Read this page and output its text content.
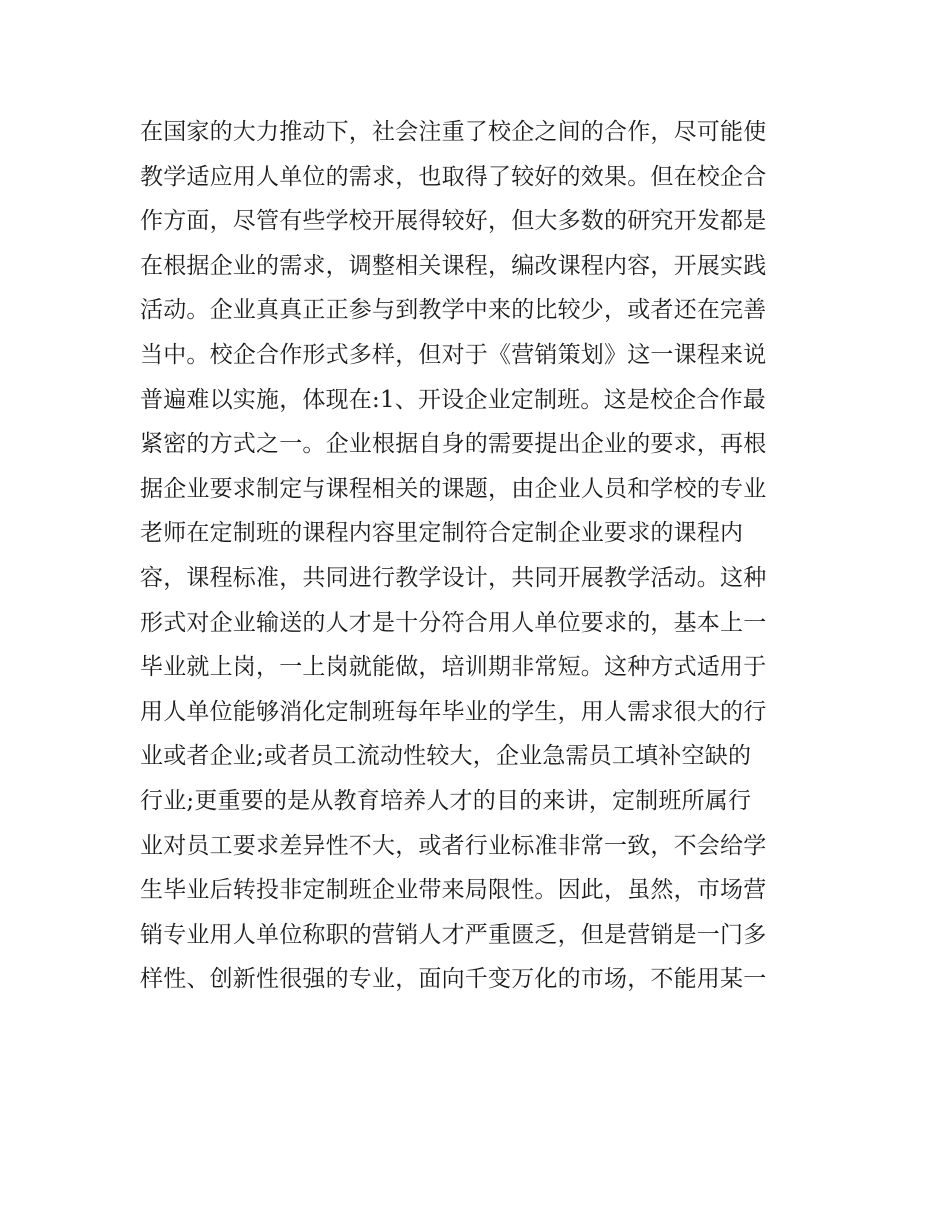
在国家的大力推动下，社会注重了校企之间的合作，尽可能使
教学适应用人单位的需求，也取得了较好的效果。但在校企合
作方面，尽管有些学校开展得较好，但大多数的研究开发都是
在根据企业的需求，调整相关课程，编改课程内容，开展实践
活动。企业真真正正参与到教学中来的比较少，或者还在完善
当中。校企合作形式多样，但对于《营销策划》这一课程来说
普遍难以实施，体现在:1、开设企业定制班。这是校企合作最
紧密的方式之一。企业根据自身的需要提出企业的要求，再根
据企业要求制定与课程相关的课题，由企业人员和学校的专业
老师在定制班的课程内容里定制符合定制企业要求的课程内
容，课程标准，共同进行教学设计，共同开展教学活动。这种
形式对企业输送的人才是十分符合用人单位要求的，基本上一
毕业就上岗，一上岗就能做，培训期非常短。这种方式适用于
用人单位能够消化定制班每年毕业的学生，用人需求很大的行
业或者企业;或者员工流动性较大，企业急需员工填补空缺的
行业;更重要的是从教育培养人才的目的来讲，定制班所属行
业对员工要求差异性不大，或者行业标准非常一致，不会给学
生毕业后转投非定制班企业带来局限性。因此，虽然，市场营
销专业用人单位称职的营销人才严重匮乏，但是营销是一门多
样性、创新性很强的专业，面向千变万化的市场，不能用某一
